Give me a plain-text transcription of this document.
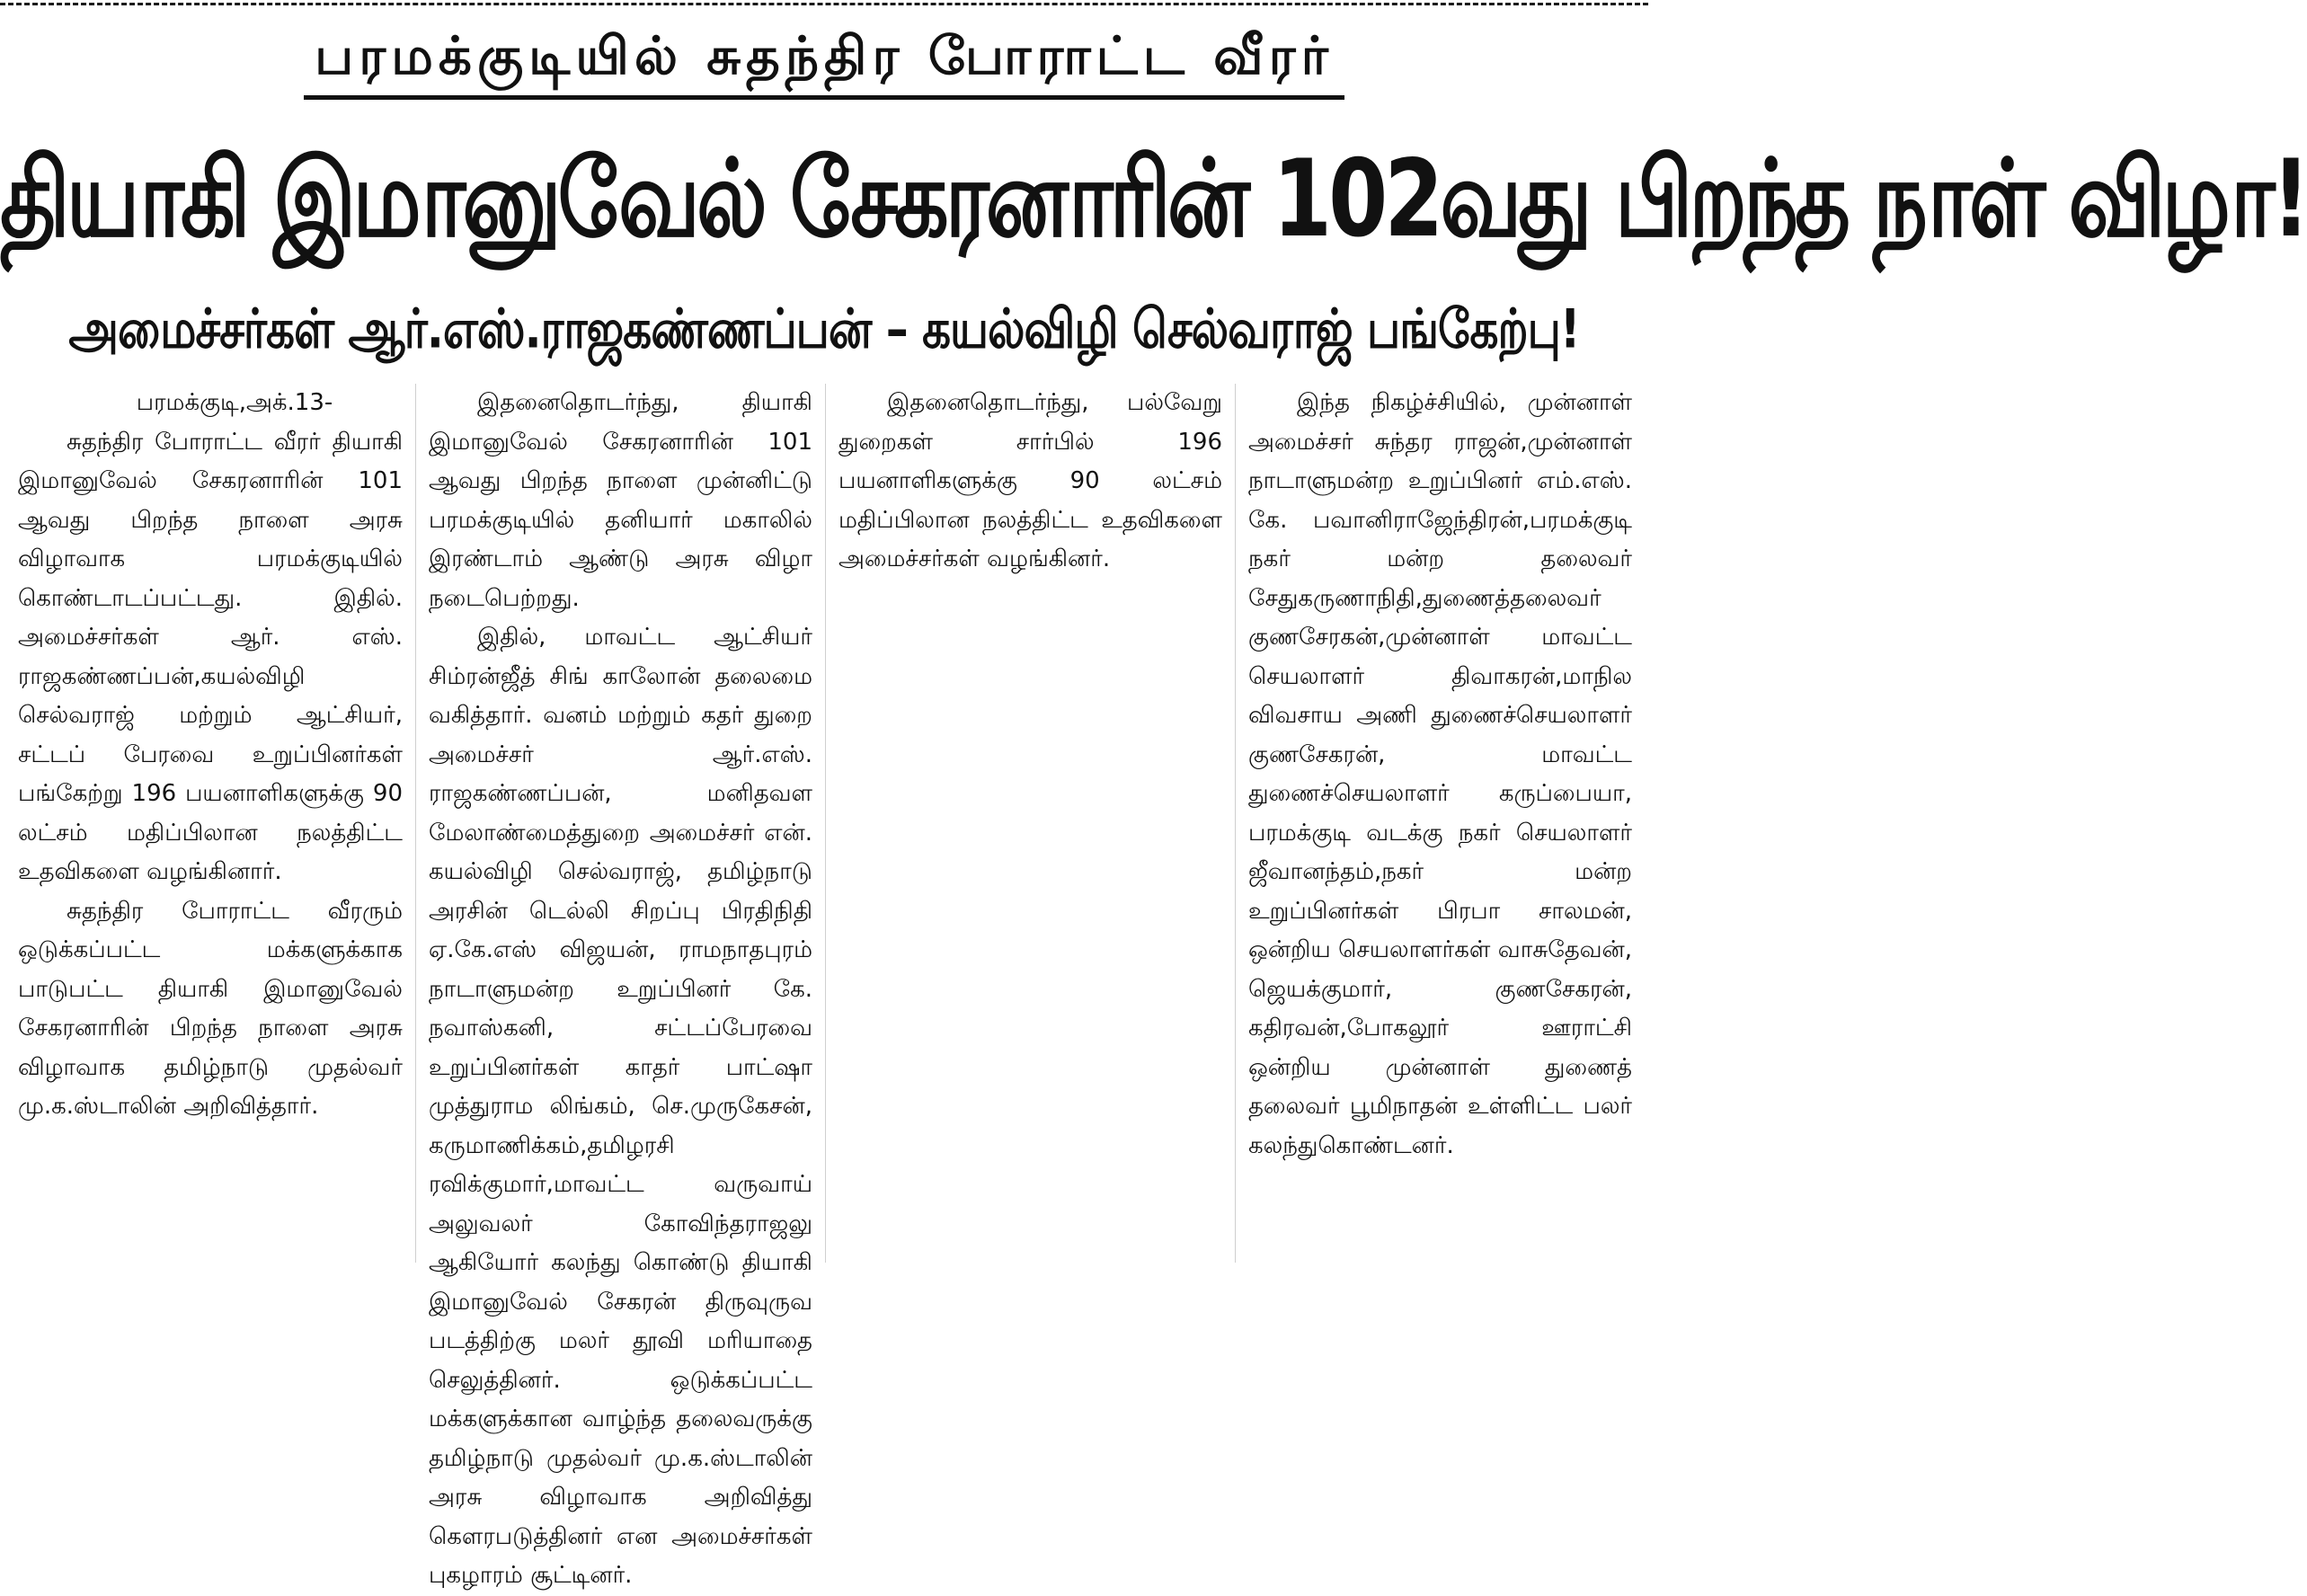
பரமக்குடியில் சுதந்திர போராட்ட வீரர்
தியாகி இமானுவேல் சேகரனாரின் 102வது பிறந்த நாள் விழா!
அமைச்சர்கள் ஆர்.எஸ்.ராஜகண்ணப்பன் – கயல்விழி செல்வராஜ் பங்கேற்பு!

பரமக்குடி,அக்.13-

சுதந்திர போராட்ட வீரர் தியாகி இமானுவேல் சேகரனாரின் 101 ஆவது பிறந்த நாளை அரசு விழாவாக பரமக்குடியில் கொண்டாடப்பட்டது. இதில். அமைச்சர்கள் ஆர். எஸ். ராஜகண்ணப்பன்,கயல்விழி செல்வராஜ் மற்றும் ஆட்சியர், சட்டப் பேரவை உறுப்பினர்கள் பங்கேற்று 196 பயனாளிகளுக்கு 90 லட்சம் மதிப்பிலான நலத்திட்ட உதவிகளை வழங்கினார்.

சுதந்திர போராட்ட வீரரும் ஒடுக்கப்பட்ட மக்களுக்காக பாடுபட்ட தியாகி இமானுவேல் சேகரனாரின் பிறந்த நாளை அரசு விழாவாக தமிழ்நாடு முதல்வர் மு.க.ஸ்டாலின் அறிவித்தார்.

இதனைதொடர்ந்து, தியாகி இமானுவேல் சேகரனாரின் 101 ஆவது பிறந்த நாளை முன்னிட்டு பரமக்குடியில் தனியார் மகாலில் இரண்டாம் ஆண்டு அரசு விழா நடைபெற்றது.

இதில், மாவட்ட ஆட்சியர் சிம்ரன்ஜீத் சிங் காலோன் தலைமை வகித்தார். வனம் மற்றும் கதர் துறை அமைச்சர் ஆர்.எஸ். ராஜகண்ணப்பன், மனிதவள மேலாண்மைத்துறை அமைச்சர் என். கயல்விழி செல்வராஜ், தமிழ்நாடு அரசின் டெல்லி சிறப்பு பிரதிநிதி ஏ.கே.எஸ் விஜயன், ராமநாதபுரம் நாடாளுமன்ற உறுப்பினர் கே. நவாஸ்கனி, சட்டப்பேரவை உறுப்பினர்கள் காதர் பாட்ஷா முத்துராம லிங்கம், செ.முருகேசன், கருமாணிக்கம்,தமிழரசி ரவிக்குமார்,மாவட்ட வருவாய் அலுவலர் கோவிந்தராஜலு ஆகியோர் கலந்து கொண்டு தியாகி இமானுவேல் சேகரன் திருவுருவ படத்திற்கு மலர் தூவி மரியாதை செலுத்தினர். ஒடுக்கப்பட்ட மக்களுக்கான வாழ்ந்த தலைவருக்கு தமிழ்நாடு முதல்வர் மு.க.ஸ்டாலின் அரசு விழாவாக அறிவித்து கௌரபடுத்தினர் என அமைச்சர்கள் புகழாரம் சூட்டினர்.

இதனைதொடர்ந்து, பல்வேறு துறைகள் சார்பில் 196 பயனாளிகளுக்கு 90 லட்சம் மதிப்பிலான நலத்திட்ட உதவிகளை அமைச்சர்கள் வழங்கினர்.

இந்த நிகழ்ச்சியில், முன்னாள் அமைச்சர் சுந்தர ராஜன்,முன்னாள் நாடாளுமன்ற உறுப்பினர் எம்.எஸ். கே. பவானிராஜேந்திரன்,பரமக்குடி நகர் மன்ற தலைவர் சேதுகருணாநிதி,துணைத்தலைவர் குணசேரகன்,முன்னாள் மாவட்ட செயலாளர் திவாகரன்,மாநில விவசாய அணி துணைச்செயலாளர் குணசேகரன், மாவட்ட துணைச்செயலாளர் கருப்பையா, பரமக்குடி வடக்கு நகர் செயலாளர் ஜீவானந்தம்,நகர் மன்ற உறுப்பினர்கள் பிரபா சாலமன், ஒன்றிய செயலாளர்கள் வாசுதேவன், ஜெயக்குமார், குணசேகரன், கதிரவன்,போகலூர் ஊராட்சி ஒன்றிய முன்னாள் துணைத் தலைவர் பூமிநாதன் உள்ளிட்ட பலர் கலந்துகொண்டனர்.
